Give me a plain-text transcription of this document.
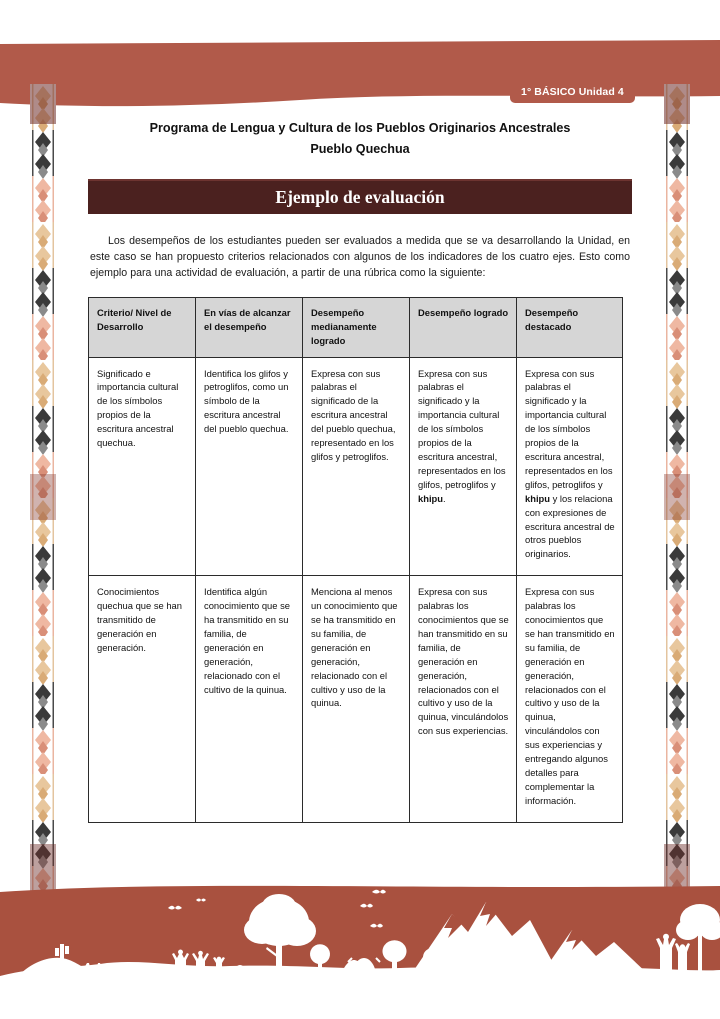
1° BÁSICO Unidad 4
Programa de Lengua y Cultura de los Pueblos Originarios Ancestrales
Pueblo Quechua
Ejemplo de evaluación

Los desempeños de los estudiantes pueden ser evaluados a medida que se va desarrollando la Unidad, en este caso se han propuesto criterios relacionados con algunos de los indicadores de los cuatro ejes. Esto como ejemplo para una actividad de evaluación, a partir de una rúbrica como la siguiente:

Criterio/ Nivel de Desarrollo	En vías de alcanzar el desempeño	Desempeño medianamente logrado	Desempeño logrado	Desempeño destacado
Significado e importancia cultural de los símbolos propios de la escritura ancestral quechua.	Identifica los glifos y petroglifos, como un símbolo de la escritura ancestral del pueblo quechua.	Expresa con sus palabras el significado de la escritura ancestral del pueblo quechua, representado en los glifos y petroglifos.	Expresa con sus palabras el significado y la importancia cultural de los símbolos propios de la escritura ancestral, representados en los glifos, petroglifos y khipu.	Expresa con sus palabras el significado y la importancia cultural de los símbolos propios de la escritura ancestral, representados en los glifos, petroglifos y khipu y los relaciona con expresiones de escritura ancestral de otros pueblos originarios.
Conocimientos quechua que se han transmitido de generación en generación.	Identifica algún conocimiento que se ha transmitido en su familia, de generación en generación, relacionado con el cultivo de la quinua.	Menciona al menos un conocimiento que se ha transmitido en su familia, de generación en generación, relacionado con el cultivo y uso de la quinua.	Expresa con sus palabras los conocimientos que se han transmitido en su familia, de generación en generación, relacionados con el cultivo y uso de la quinua, vinculándolos con sus experiencias.	Expresa con sus palabras los conocimientos que se han transmitido en su familia, de generación en generación, relacionados con el cultivo y uso de la quinua, vinculándolos con sus experiencias y entregando algunos detalles para complementar la información.
